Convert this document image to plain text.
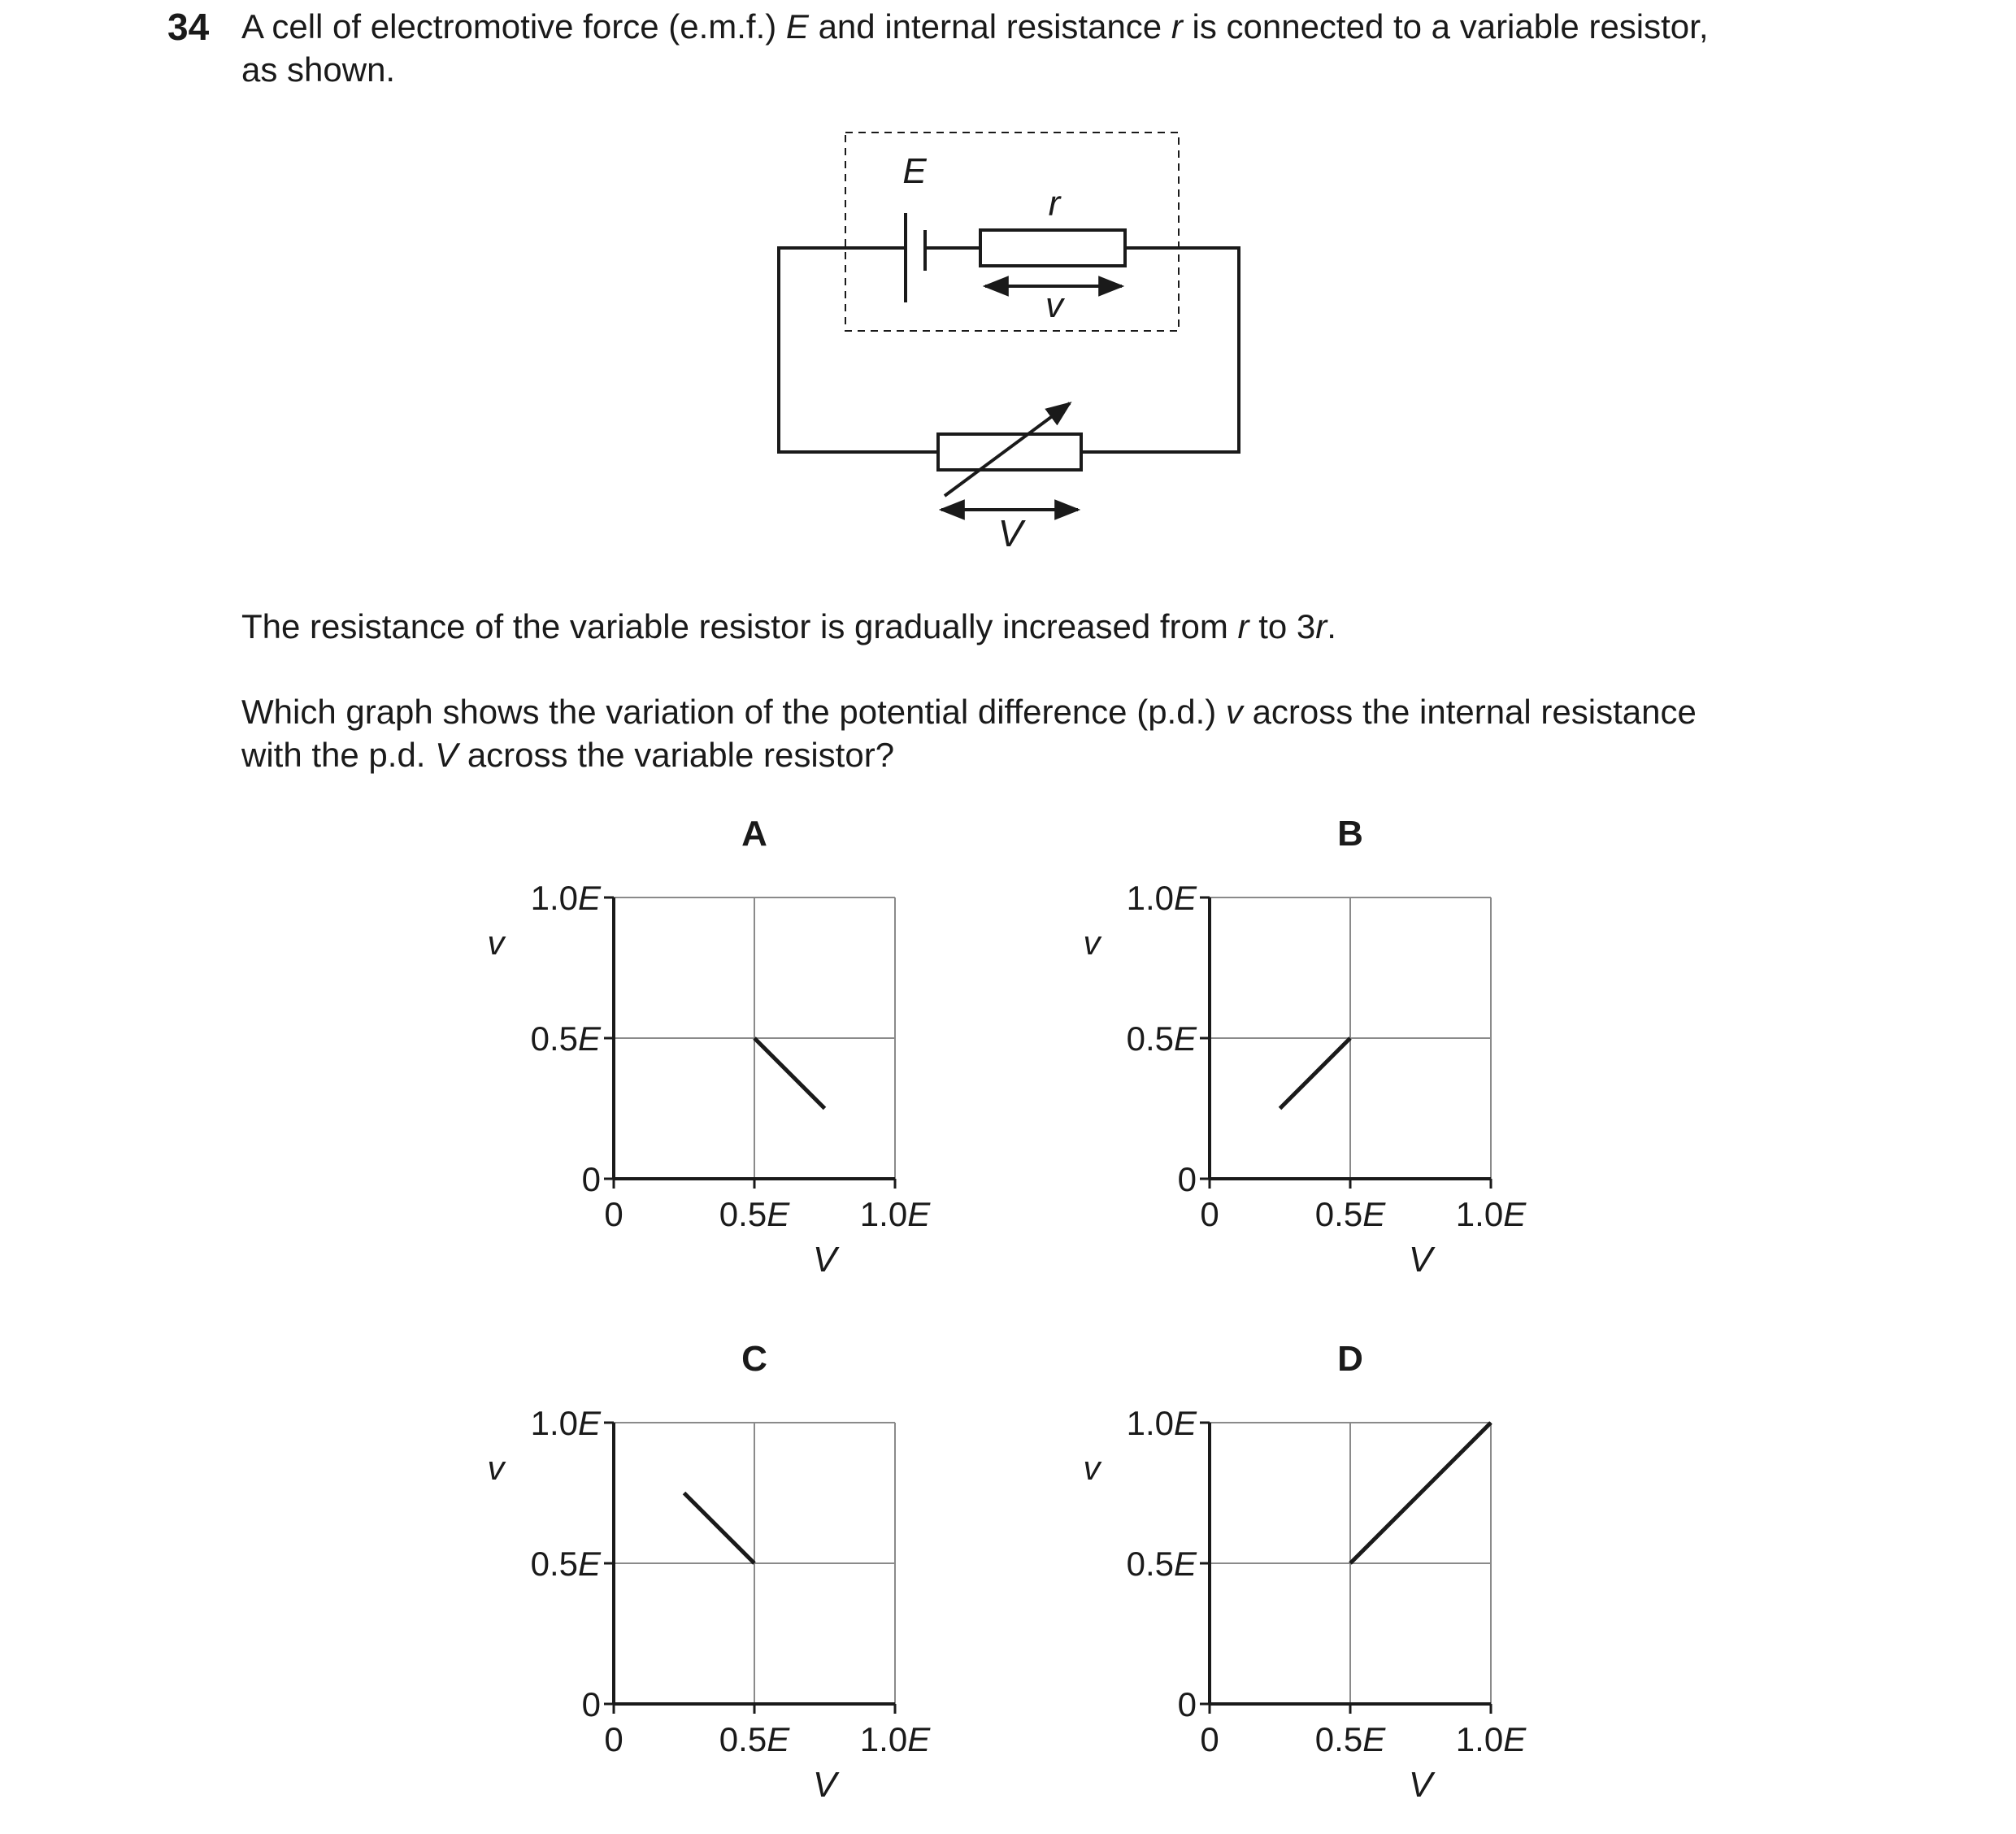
34 A cell of electromotive force (e.m.f.) E and internal resistance r is connected to a variable resistor,
as shown.

E
r
v
V

The resistance of the variable resistor is gradually increased from r to 3r.

Which graph shows the variation of the potential difference (p.d.) v across the internal resistance
with the p.d. V across the variable resistor?

A
1.0E
0.5E
0
0	0.5E 1.0E
v
V
B
1.0E
0.5E
0
0	0.5E 1.0E
v
V
C
1.0E
0.5E
0
0	0.5E 1.0E
v
V
D
1.0E
0.5E
0
0	0.5E 1.0E
v
V
